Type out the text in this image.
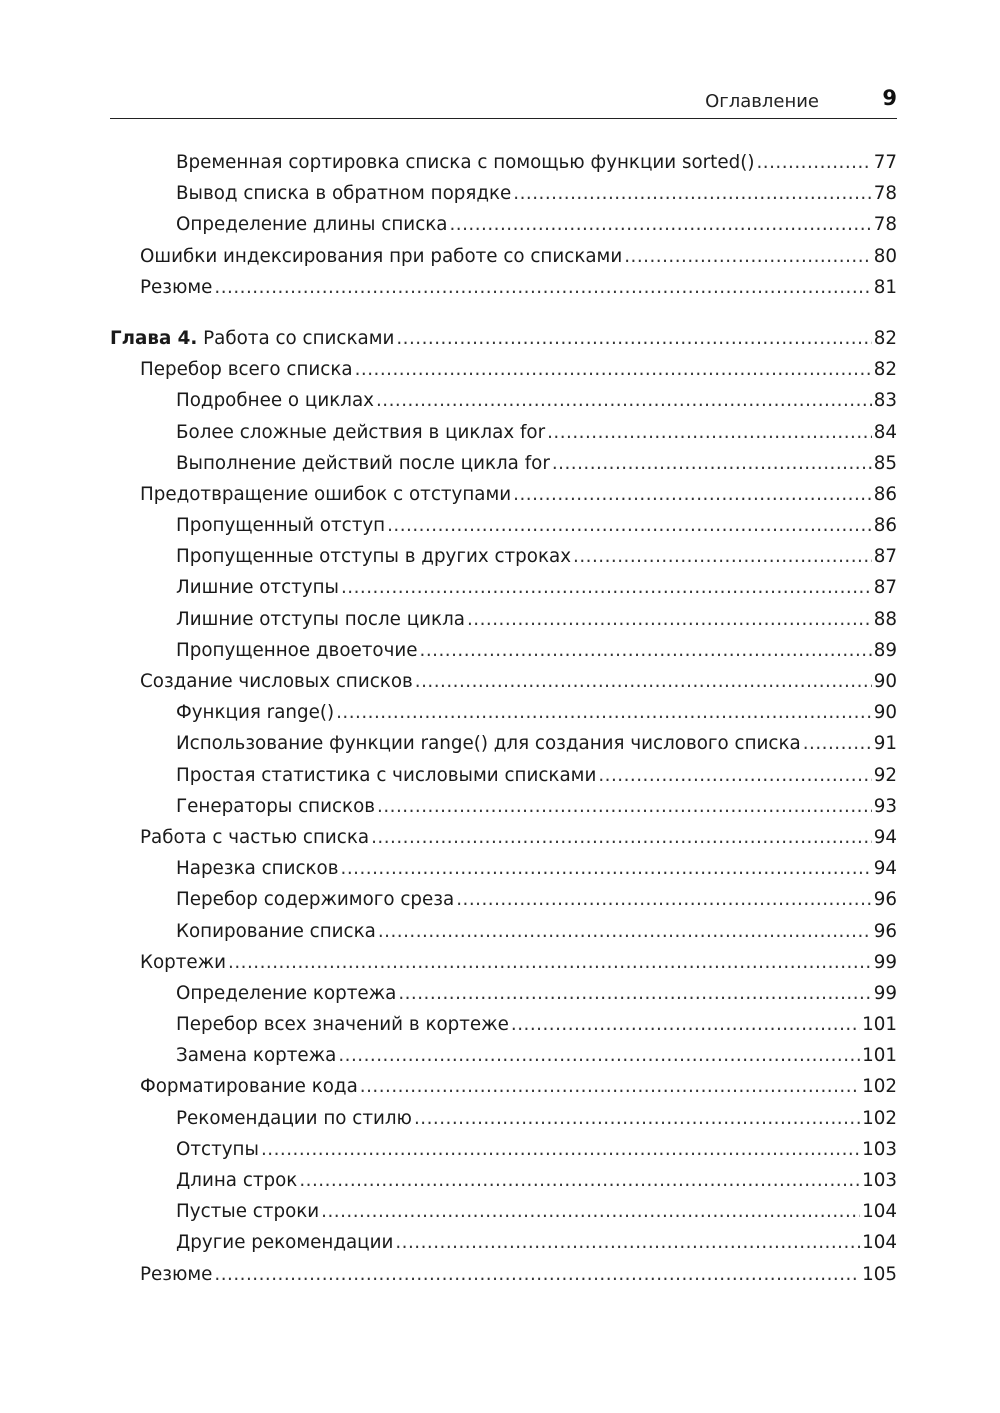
Оглавление	9
Временная сортировка списка с помощью функции sorted() .....	77
Вывод списка в обратном порядке .....	78
Определение длины списка .....	78
Ошибки индексирования при работе со списками .....	80
Резюме .....	81
Глава 4. Работа со списками .....	82
Перебор всего списка .....	82
Подробнее о циклах .....	83
Более сложные действия в циклах for .....	84
Выполнение действий после цикла for .....	85
Предотвращение ошибок с отступами .....	86
Пропущенный отступ .....	86
Пропущенные отступы в других строках .....	87
Лишние отступы .....	87
Лишние отступы после цикла .....	88
Пропущенное двоеточие .....	89
Создание числовых списков .....	90
Функция range() .....	90
Использование функции range() для создания числового списка .....	91
Простая статистика с числовыми списками .....	92
Генераторы списков .....	93
Работа с частью списка .....	94
Нарезка списков .....	94
Перебор содержимого среза .....	96
Копирование списка .....	96
Кортежи .....	99
Определение кортежа .....	99
Перебор всех значений в кортеже .....	101
Замена кортежа .....	101
Форматирование кода .....	102
Рекомендации по стилю .....	102
Отступы .....	103
Длина строк .....	103
Пустые строки .....	104
Другие рекомендации .....	104
Резюме .....	105
